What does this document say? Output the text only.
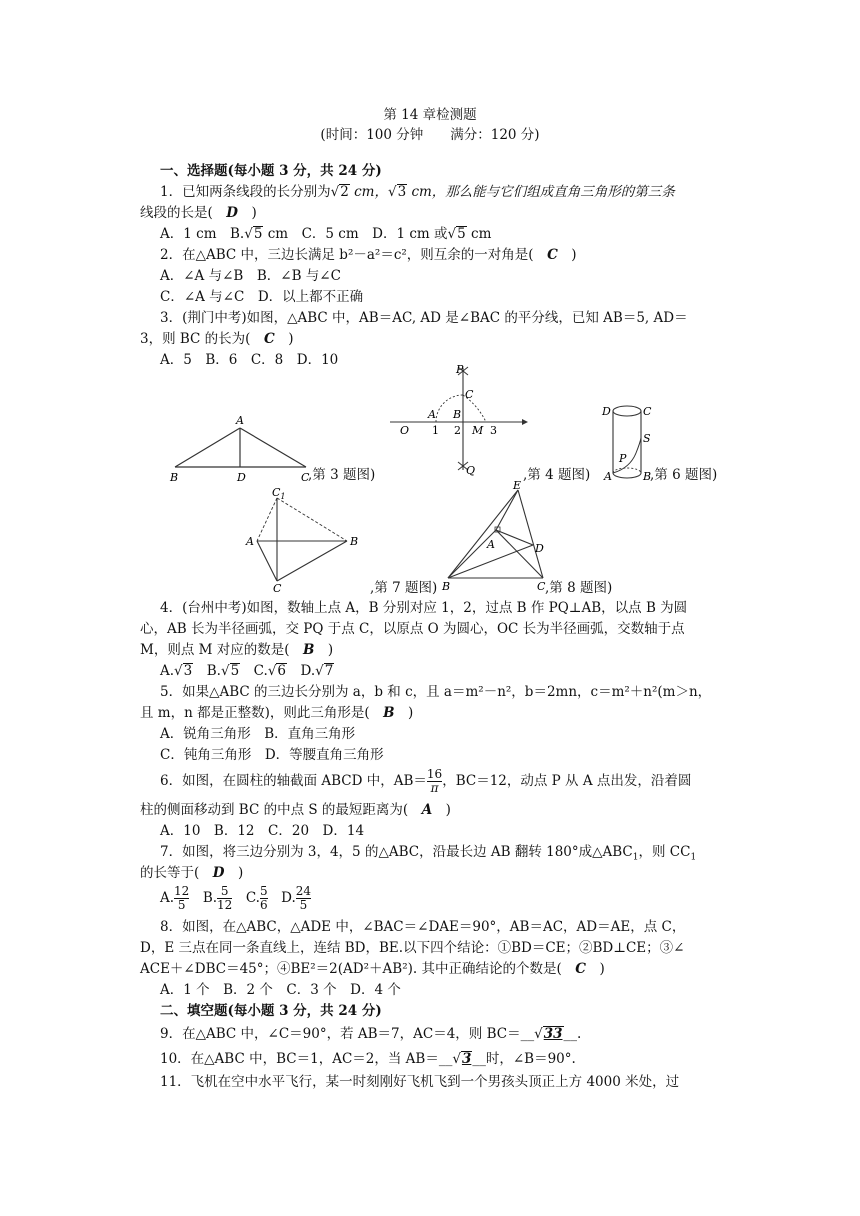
第 14 章检测题
(时间：100 分钟　　满分：120 分)
一、选择题(每小题 3 分，共 24 分)
1．已知两条线段的长分别为√2 cm，√3 cm，那么能与它们组成直角三角形的第三条
线段的长是(　D　)
A．1 cm　B.√5 cm　C．5 cm　D．1 cm 或√5 cm
2．在△ABC 中，三边长满足 b²－a²＝c²，则互余的一对角是(　C　)
A．∠A 与∠B　B．∠B 与∠C
C．∠A 与∠C　D．以上都不正确
3．(荆门中考)如图，△ABC 中，AB＝AC, AD 是∠BAC 的平分线，已知 AB＝5, AD＝
3，则 BC 的长为(　C　)
A．5　B．6　C．8　D．10
A
B	D	C
,第 3 题图)
O 1 2	3
A B
C
M
P
Q	,第 4 题图)
D	C
S
P
A	B
,第 6 题图)
$C_1$
A	B
C	,第 7 题图)
E
A	D
B	C ,第 8 题图)
4．(台州中考)如图，数轴上点 A，B 分别对应 1，2，过点 B 作 PQ⊥AB，以点 B 为圆
心，AB 长为半径画弧，交 PQ 于点 C，以原点 O 为圆心，OC 长为半径画弧，交数轴于点
M，则点 M 对应的数是(　B　)
A.√3　B.√5　C.√6　D.√7
5．如果△ABC 的三边长分别为 a，b 和 c，且 a＝m²－n²，b＝2mn，c＝m²＋n²(m＞n，
且 m，n 都是正整数)，则此三角形是(　B　)
A．锐角三角形　B．直角三角形
C．钝角三角形　D．等腰直角三角形
6．如图，在圆柱的轴截面 ABCD 中，$AB= \frac{16}{\pi}$ ，BC＝12，动点 P 从 A 点出发，沿着圆
柱的侧面移动到 BC 的中点 S 的最短距离为(　A　)
A．10　B．12　C．20　D．14
7．如图，将三边分别为 3，4，5 的△ABC，沿最长边 AB 翻转 180°成$\triangle ABC_1$，则 $CC_1$
的长等于(　D　)
A. $\frac{12}{5}$ 　B. $\frac{5}{12}$ 　C. $\frac{5}{6}$ 　D. $\frac{24}{5}$
8．如图，在△ABC，△ADE 中，∠BAC＝∠DAE＝90°，AB＝AC，AD＝AE，点 C，
D，E 三点在同一条直线上，连结 BD，BE.以下四个结论：①BD＝CE；②BD⊥CE；③∠
ACE＋∠DBC＝45°；④BE²＝2(AD²＋AB²). 其中正确结论的个数是(　C　)
A．1 个　B．2 个　C．3 个　D．4 个
二、填空题(每小题 3 分，共 24 分)
9．在△ABC 中，∠C＝90°，若 AB＝7，AC＝4，则 BC＝__√33__.
10．在△ABC 中，BC＝1，AC＝2，当 AB＝__√3__时，∠B＝90°.
11．飞机在空中水平飞行，某一时刻刚好飞机飞到一个男孩头顶正上方 4000 米处，过
